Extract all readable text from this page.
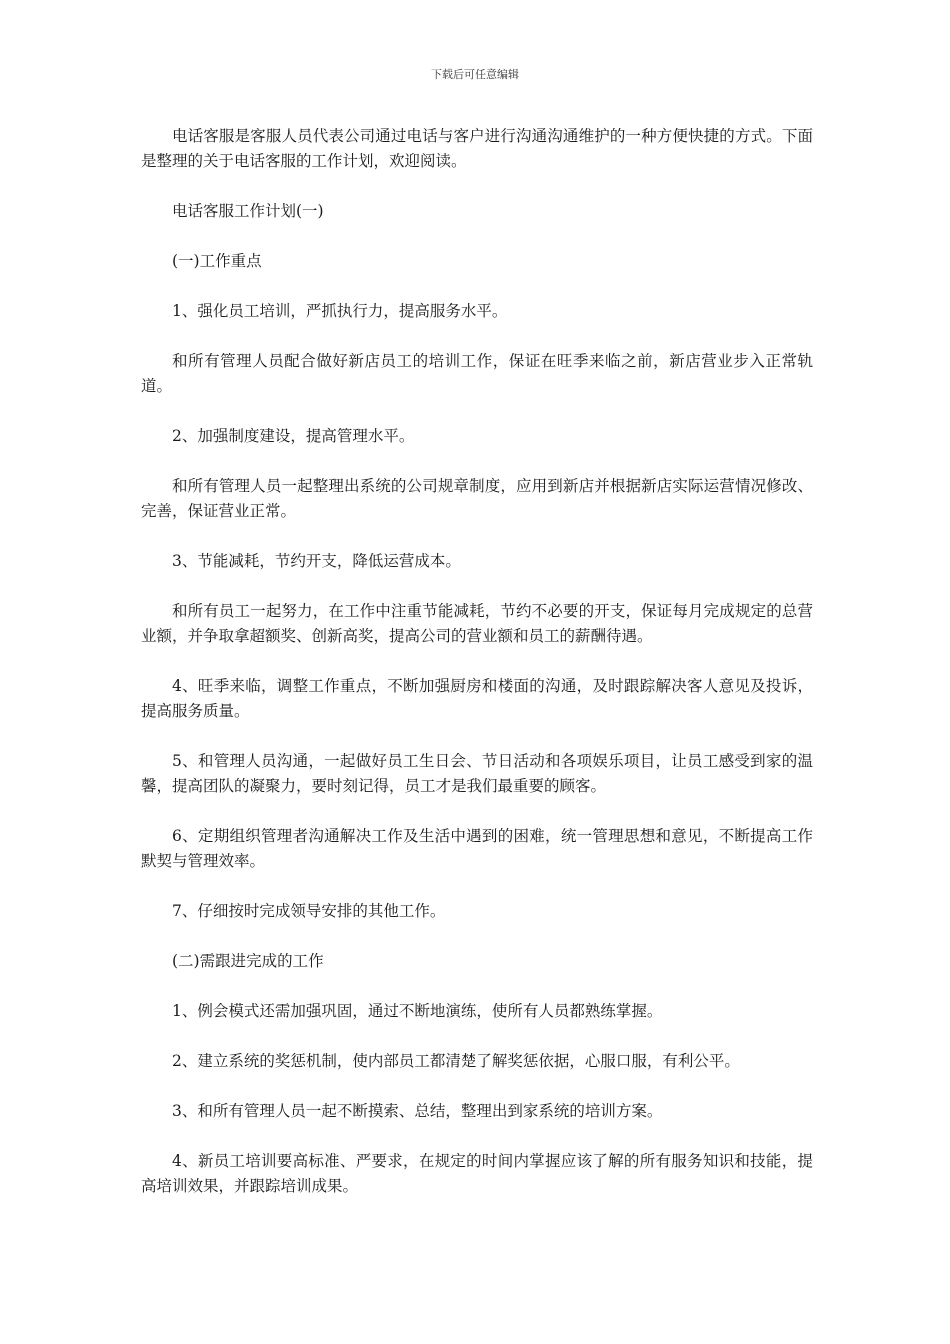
下载后可任意编辑

电话客服是客服人员代表公司通过电话与客户进行沟通沟通维护的一种方便快捷的方式。下面是整理的关于电话客服的工作计划，欢迎阅读。

电话客服工作计划(一)

(一)工作重点

1、强化员工培训，严抓执行力，提高服务水平。

和所有管理人员配合做好新店员工的培训工作，保证在旺季来临之前，新店营业步入正常轨道。

2、加强制度建设，提高管理水平。

和所有管理人员一起整理出系统的公司规章制度，应用到新店并根据新店实际运营情况修改、完善，保证营业正常。

3、节能减耗，节约开支，降低运营成本。

和所有员工一起努力，在工作中注重节能减耗，节约不必要的开支，保证每月完成规定的总营业额，并争取拿超额奖、创新高奖，提高公司的营业额和员工的薪酬待遇。

4、旺季来临，调整工作重点，不断加强厨房和楼面的沟通，及时跟踪解决客人意见及投诉，提高服务质量。

5、和管理人员沟通，一起做好员工生日会、节日活动和各项娱乐项目，让员工感受到家的温馨，提高团队的凝聚力，要时刻记得，员工才是我们最重要的顾客。

6、定期组织管理者沟通解决工作及生活中遇到的困难，统一管理思想和意见，不断提高工作默契与管理效率。

7、仔细按时完成领导安排的其他工作。

(二)需跟进完成的工作

1、例会模式还需加强巩固，通过不断地演练，使所有人员都熟练掌握。

2、建立系统的奖惩机制，使内部员工都清楚了解奖惩依据，心服口服，有利公平。

3、和所有管理人员一起不断摸索、总结，整理出到家系统的培训方案。

4、新员工培训要高标准、严要求，在规定的时间内掌握应该了解的所有服务知识和技能，提高培训效果，并跟踪培训成果。
